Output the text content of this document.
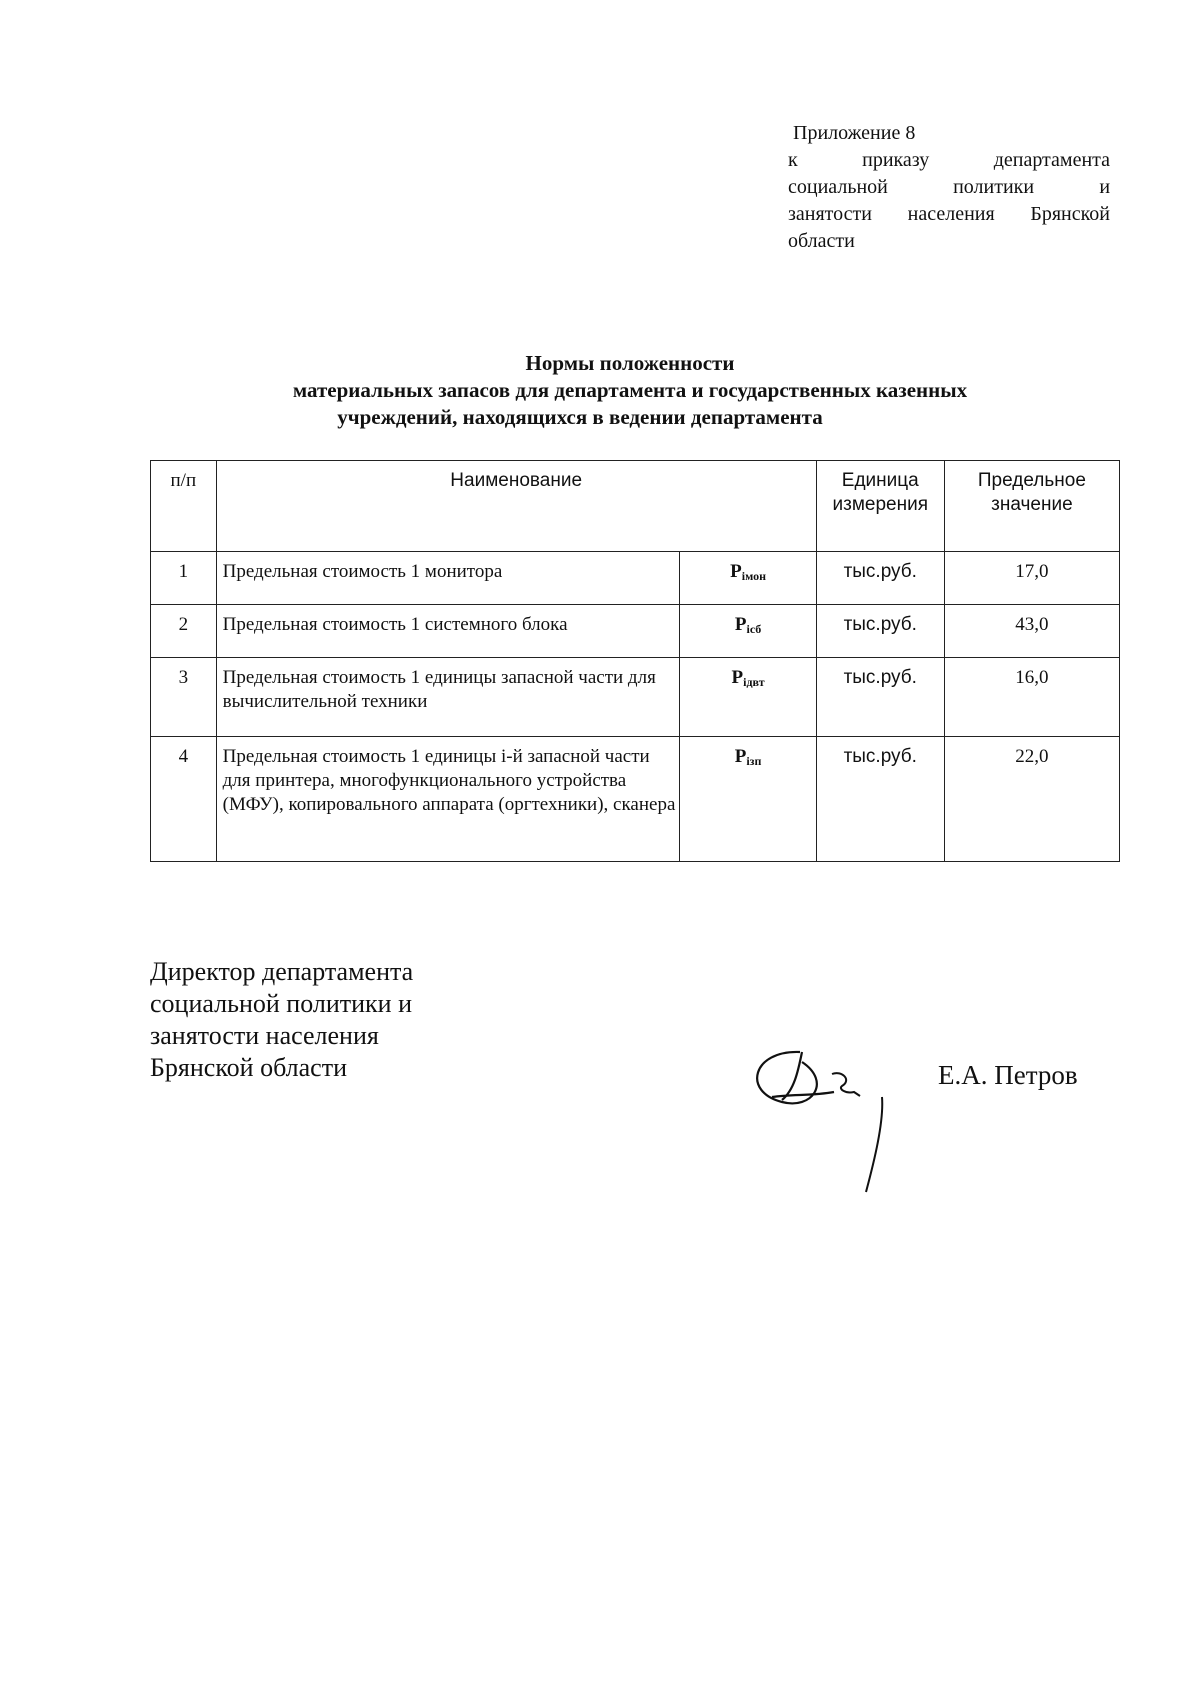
Приложение 8
к	приказу	департамента
социальной	политики	и
занятости населения Брянской
области
Нормы положенности
материальных запасов для департамента и государственных казенных
учреждений, находящихся в ведении департамента
п/п	Наименование		Единица измерения	Предельное значение

1	Предельная стоимость 1 монитора	$P_{iмон}$	тыс.руб.	17,0
2	Предельная стоимость 1 системного блока	$P_{icб}$	тыс.руб.	43,0
3	Предельная стоимость 1 единицы запасной части для вычислительной техники	$P_{iдвт}$	тыс.руб.	16,0
4	Предельная стоимость 1 единицы i-й запасной части для принтера, многофункционального устройства (МФУ), копировального аппарата (оргтехники), сканера	$P_{iзп}$	тыс.руб.	22,0
Директор департамента
социальной политики и
занятости населения
Брянской области	Е.А. Петров
